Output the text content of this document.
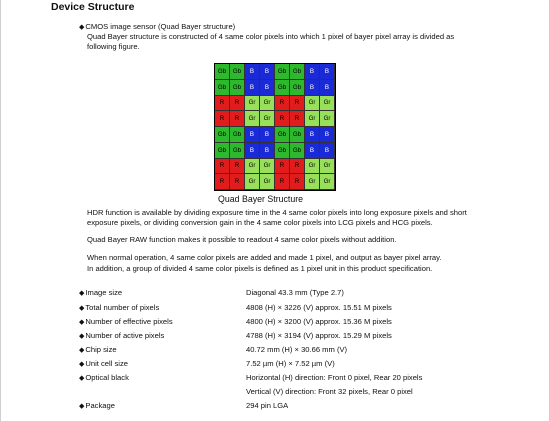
Device Structure
◆ CMOS image sensor (Quad Bayer structure)
Quad Bayer structure is constructed of 4 same color pixels into which 1 pixel of bayer pixel array is divided as
following figure.
Gb	Gb	B	B	Gb	Gb	B	B
Gb	Gb	B	B	Gb	Gb	B	B
R	R	Gr	Gr	R	R	Gr	Gr
R	R	Gr	Gr	R	R	Gr	Gr
Gb	Gb	B	B	Gb	Gb	B	B
Gb	Gb	B	B	Gb	Gb	B	B
R	R	Gr	Gr	R	R	Gr	Gr
R	R	Gr	Gr	R	R	Gr	Gr
Quad Bayer Structure
HDR function is available by dividing exposure time in the 4 same color pixels into long exposure pixels and short
exposure pixels, or dividing conversion gain in the 4 same color pixels into LCG pixels and HCG pixels.
Quad Bayer RAW function makes it possible to readout 4 same color pixels without addition.
When normal operation, 4 same color pixels are added and made 1 pixel, and output as bayer pixel array.
In addition, a group of divided 4 same color pixels is defined as 1 pixel unit in this product specification.
◆ Image size	Diagonal 43.3 mm (Type 2.7)
◆ Total number of pixels	4808 (H) × 3226 (V) approx. 15.51 M pixels
◆ Number of effective pixels	4800 (H) × 3200 (V) approx. 15.36 M pixels
◆ Number of active pixels	4788 (H) × 3194 (V) approx. 15.29 M pixels
◆ Chip size	40.72 mm (H) × 30.66 mm (V)
◆ Unit cell size	7.52 µm (H) × 7.52 µm (V)
◆ Optical black	Horizontal (H) direction: Front 0 pixel, Rear 20 pixels
Vertical (V) direction: Front 32 pixels, Rear 0 pixel
◆ Package	294 pin LGA
